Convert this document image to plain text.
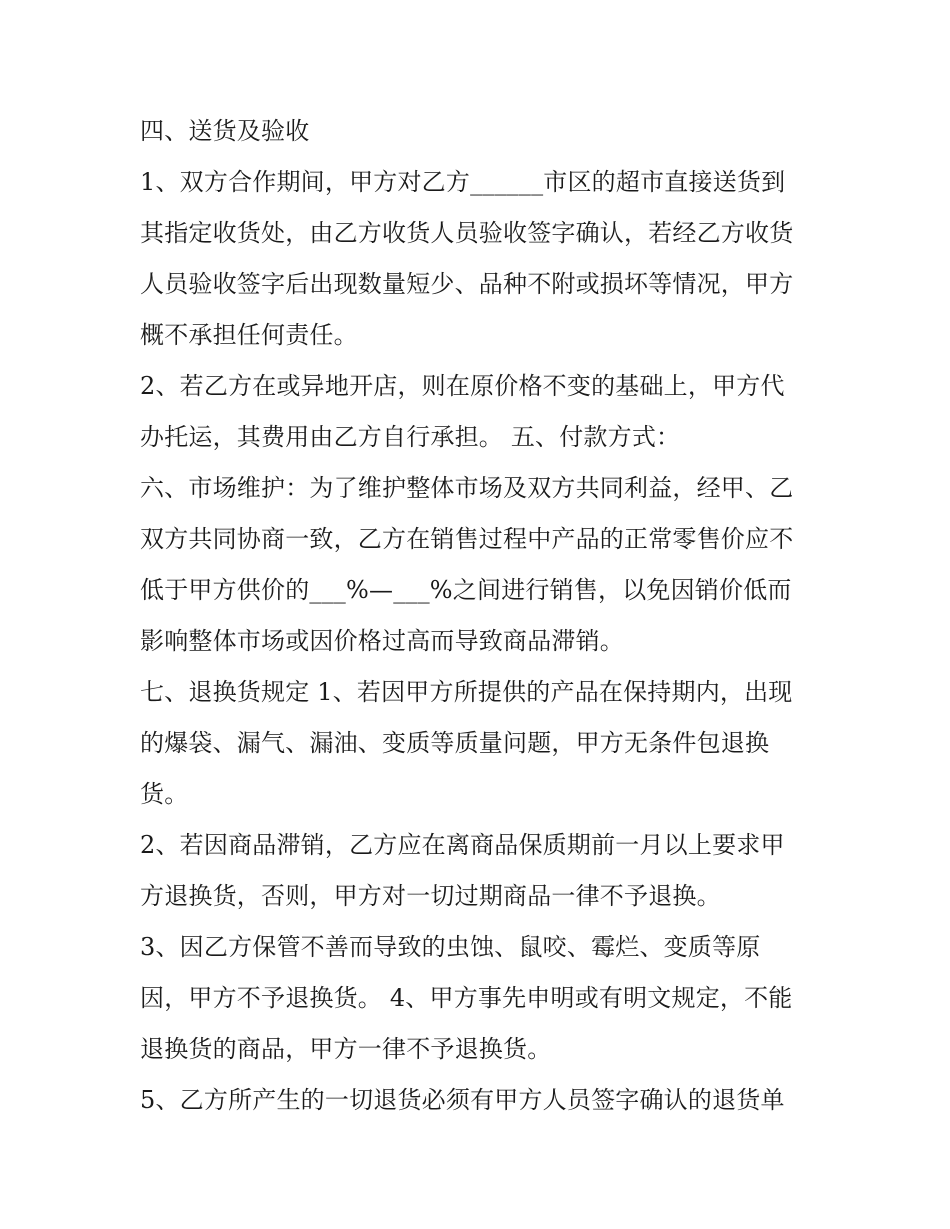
四、送货及验收
1、双方合作期间，甲方对乙方______市区的超市直接送货到
其指定收货处，由乙方收货人员验收签字确认，若经乙方收货
人员验收签字后出现数量短少、品种不附或损坏等情况，甲方
概不承担任何责任。
2、若乙方在或异地开店，则在原价格不变的基础上，甲方代
办托运，其费用由乙方自行承担。 五、付款方式：
六、市场维护：为了维护整体市场及双方共同利益，经甲、乙
双方共同协商一致，乙方在销售过程中产品的正常零售价应不
低于甲方供价的___%—___%之间进行销售，以免因销价低而
影响整体市场或因价格过高而导致商品滞销。
七、退换货规定 1、若因甲方所提供的产品在保持期内，出现
的爆袋、漏气、漏油、变质等质量问题，甲方无条件包退换
货。
2、若因商品滞销，乙方应在离商品保质期前一月以上要求甲
方退换货，否则，甲方对一切过期商品一律不予退换。
3、因乙方保管不善而导致的虫蚀、鼠咬、霉烂、变质等原
因，甲方不予退换货。 4、甲方事先申明或有明文规定，不能
退换货的商品，甲方一律不予退换货。
5、乙方所产生的一切退货必须有甲方人员签字确认的退货单
